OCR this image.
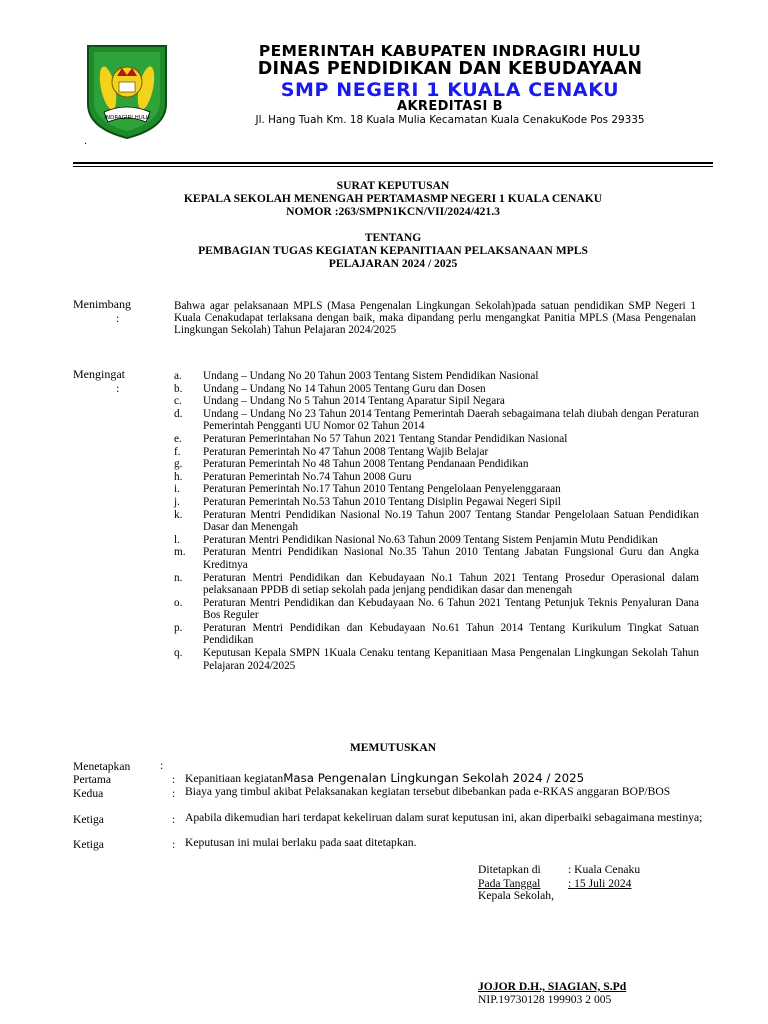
INDRAGIRI HULU
PEMERINTAH KABUPATEN INDRAGIRI HULU
DINAS PENDIDIKAN DAN KEBUDAYAAN
SMP NEGERI 1 KUALA CENAKU
AKREDITASI B
Jl. Hang Tuah Km. 18 Kuala Mulia Kecamatan Kuala CenakuKode Pos 29335
.
SURAT KEPUTUSAN
KEPALA SEKOLAH MENENGAH PERTAMASMP NEGERI 1 KUALA CENAKU
NOMOR :263/SMPN1KCN/VII/2024/421.3
TENTANG
PEMBAGIAN TUGAS KEGIATAN KEPANITIAAN PELAKSANAAN MPLS
PELAJARAN 2024 / 2025
Menimbang
:
Bahwa agar pelaksanaan MPLS (Masa Pengenalan Lingkungan Sekolah)pada satuan pendidikan SMP Negeri 1 Kuala Cenakudapat terlaksana dengan baik, maka dipandang perlu mengangkat Panitia MPLS (Masa Pengenalan Lingkungan Sekolah) Tahun Pelajaran 2024/2025
Mengingat
:
a. Undang – Undang No 20 Tahun 2003 Tentang Sistem Pendidikan Nasional
b. Undang – Undang No 14 Tahun 2005 Tentang Guru dan Dosen
c. Undang – Undang No 5 Tahun 2014 Tentang Aparatur Sipil Negara
d. Undang – Undang No 23 Tahun 2014 Tentang Pemerintah Daerah sebagaimana telah diubah dengan Peraturan Pemerintah Pengganti UU Nomor 02 Tahun 2014
e. Peraturan Pemerintahan No 57 Tahun 2021 Tentang Standar Pendidikan Nasional
f. Peraturan Pemerintah No 47 Tahun 2008 Tentang Wajib Belajar
g. Peraturan Pemerintah No 48 Tahun 2008 Tentang Pendanaan Pendidikan
h. Peraturan Pemerintah No.74 Tahun 2008 Guru
i. Peraturan Pemerintah No.17 Tahun 2010 Tentang Pengelolaan Penyelenggaraan
j. Peraturan Pemerintah No.53 Tahun 2010 Tentang Disiplin Pegawai Negeri Sipil
k. Peraturan Mentri Pendidikan Nasional No.19 Tahun 2007 Tentang Standar Pengelolaan Satuan Pendidikan Dasar dan Menengah
l. Peraturan Mentri Pendidikan Nasional No.63 Tahun 2009 Tentang Sistem Penjamin Mutu Pendidikan
m. Peraturan Mentri Pendidikan Nasional No.35 Tahun 2010 Tentang Jabatan Fungsional Guru dan Angka Kreditnya
n. Peraturan Mentri Pendidikan dan Kebudayaan No.1 Tahun 2021 Tentang Prosedur Operasional dalam pelaksanaan PPDB di setiap sekolah pada jenjang pendidikan dasar dan menengah
o. Peraturan Mentri Pendidikan dan Kebudayaan No. 6 Tahun 2021 Tentang Petunjuk Teknis Penyaluran Dana Bos Reguler
p. Peraturan Mentri Pendidikan dan Kebudayaan No.61 Tahun 2014 Tentang Kurikulum Tingkat Satuan Pendidikan
q. Keputusan Kepala SMPN 1Kuala Cenaku tentang Kepanitiaan Masa Pengenalan Lingkungan Sekolah Tahun Pelajaran 2024/2025
MEMUTUSKAN
Menetapkan	:
Pertama	: Kepanitiaan kegiatanMasa Pengenalan Lingkungan Sekolah 2024 / 2025
Kedua	: Biaya yang timbul akibat Pelaksanakan kegiatan tersebut dibebankan pada e-RKAS anggaran BOP/BOS
Ketiga	: Apabila dikemudian hari terdapat kekeliruan dalam surat keputusan ini, akan diperbaiki sebagaimana mestinya;
Ketiga	: Keputusan ini mulai berlaku pada saat ditetapkan.
Ditetapkan di : Kuala Cenaku
Pada Tanggal : 15 Juli 2024
Kepala Sekolah,
JOJOR D.H., SIAGIAN, S.Pd
NIP.19730128 199903 2 005
